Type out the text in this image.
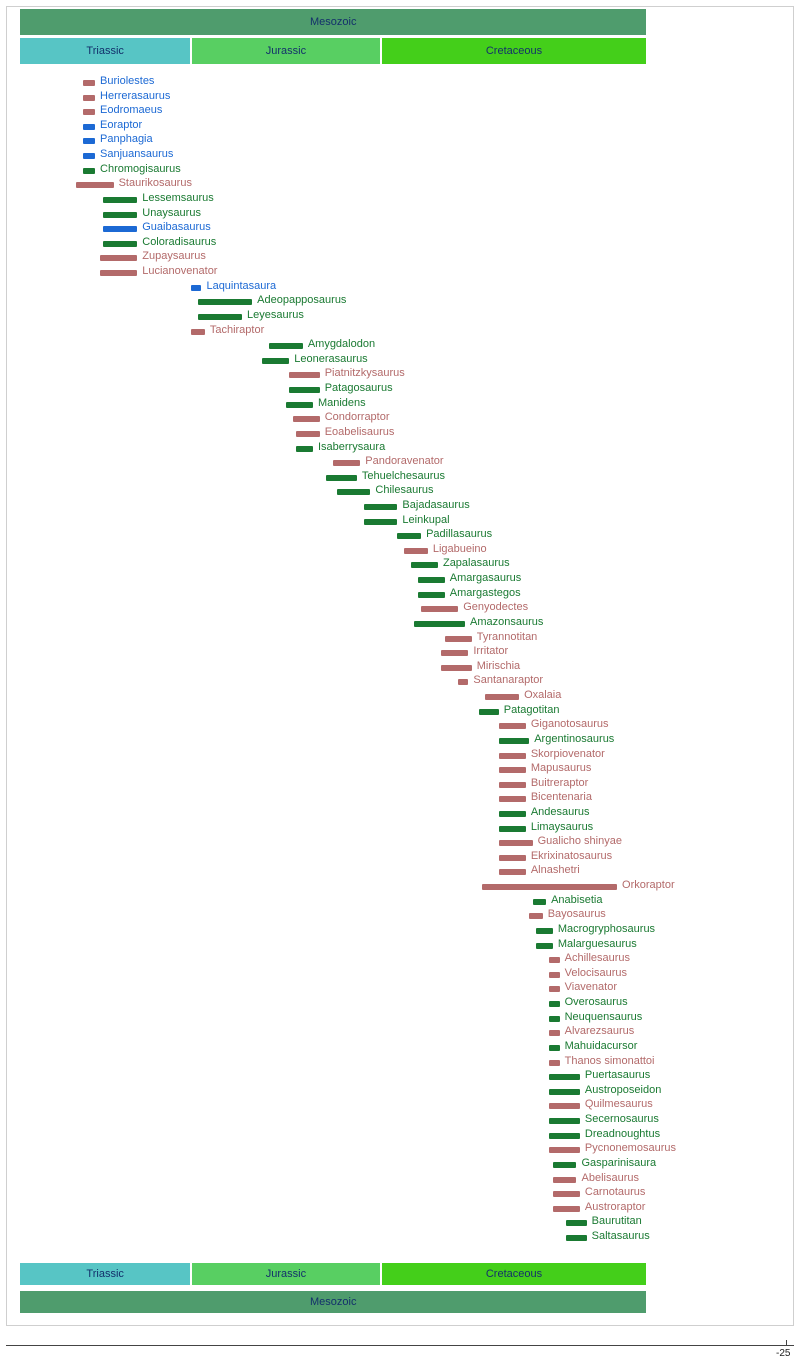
Mesozoic
Mesozoic
Triassic
Triassic
Jurassic
Jurassic
Cretaceous
Cretaceous
Buriolestes
Herrerasaurus
Eodromaeus
Eoraptor
Panphagia
Sanjuansaurus
Chromogisaurus
Staurikosaurus
Lessemsaurus
Unaysaurus
Guaibasaurus
Coloradisaurus
Zupaysaurus
Lucianovenator
Laquintasaura
Adeopapposaurus
Leyesaurus
Tachiraptor
Amygdalodon
Leonerasaurus
Piatnitzkysaurus
Patagosaurus
Manidens
Condorraptor
Eoabelisaurus
Isaberrysaura
Pandoravenator
Tehuelchesaurus
Chilesaurus
Bajadasaurus
Leinkupal
Padillasaurus
Ligabueino
Zapalasaurus
Amargasaurus
Amargastegos
Genyodectes
Amazonsaurus
Tyrannotitan
Irritator
Mirischia
Santanaraptor
Oxalaia
Patagotitan
Giganotosaurus
Argentinosaurus
Skorpiovenator
Mapusaurus
Buitreraptor
Bicentenaria
Andesaurus
Limaysaurus
Gualicho shinyae
Ekrixinatosaurus
Alnashetri
Orkoraptor
Anabisetia
Bayosaurus
Macrogryphosaurus
Malarguesaurus
Achillesaurus
Velocisaurus
Viavenator
Overosaurus
Neuquensaurus
Alvarezsaurus
Mahuidacursor
Thanos simonattoi
Puertasaurus
Austroposeidon
Quilmesaurus
Secernosaurus
Dreadnoughtus
Pycnonemosaurus
Gasparinisaura
Abelisaurus
Carnotaurus
Austroraptor
Baurutitan
Saltasaurus
-25
